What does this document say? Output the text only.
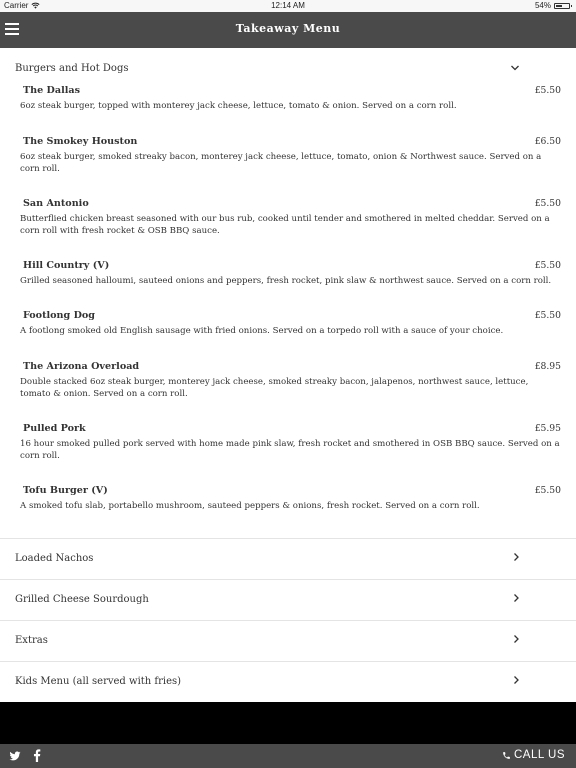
Carrier	12:14 AM	54%
Takeaway Menu
Burgers and Hot Dogs
The Dallas	£5.50
6oz steak burger, topped with monterey jack cheese, lettuce, tomato & onion. Served on a corn roll.
The Smokey Houston	£6.50
6oz steak burger, smoked streaky bacon, monterey jack cheese, lettuce, tomato, onion & Northwest sauce. Served on a corn roll.
San Antonio	£5.50
Butterflied chicken breast seasoned with our bus rub, cooked until tender and smothered in melted cheddar. Served on a corn roll with fresh rocket & OSB BBQ sauce.
Hill Country (V)	£5.50
Grilled seasoned halloumi, sauteed onions and peppers, fresh rocket, pink slaw & northwest sauce. Served on a corn roll.
Footlong Dog	£5.50
A footlong smoked old English sausage with fried onions. Served on a torpedo roll with a sauce of your choice.
The Arizona Overload	£8.95
Double stacked 6oz steak burger, monterey jack cheese, smoked streaky bacon, jalapenos, northwest sauce, lettuce, tomato & onion. Served on a corn roll.
Pulled Pork	£5.95
16 hour smoked pulled pork served with home made pink slaw, fresh rocket and smothered in OSB BBQ sauce. Served on a corn roll.
Tofu Burger (V)	£5.50
A smoked tofu slab, portabello mushroom, sauteed peppers & onions, fresh rocket. Served on a corn roll.
Loaded Nachos
Grilled Cheese Sourdough
Extras
Kids Menu (all served with fries)
CALL US
